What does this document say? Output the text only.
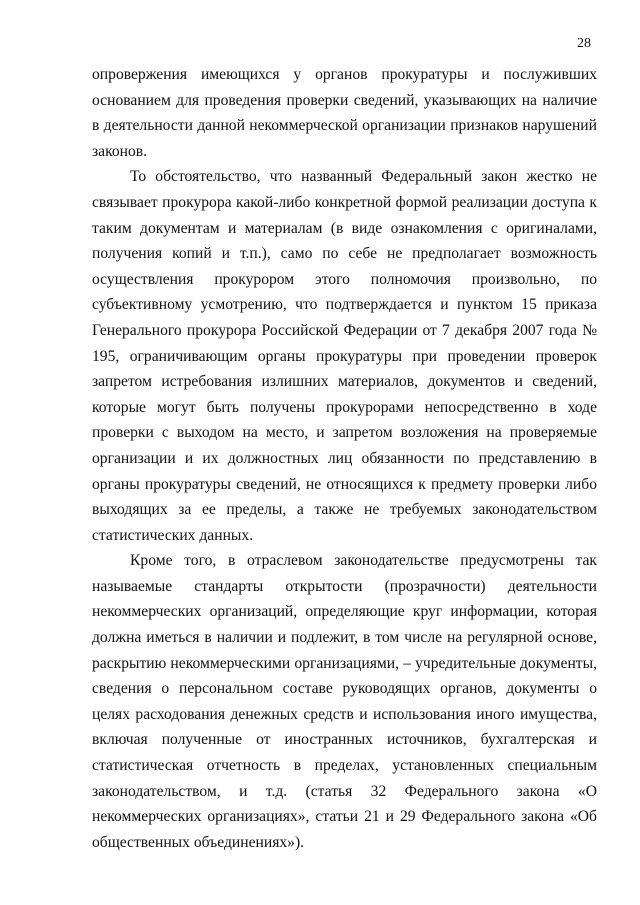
28

опровержения имеющихся у органов прокуратуры и послуживших основанием для проведения проверки сведений, указывающих на наличие в деятельности данной некоммерческой организации признаков нарушений законов.

То обстоятельство, что названный Федеральный закон жестко не связывает прокурора какой-либо конкретной формой реализации доступа к таким документам и материалам (в виде ознакомления с оригиналами, получения копий и т.п.), само по себе не предполагает возможность осуществления прокурором этого полномочия произвольно, по субъективному усмотрению, что подтверждается и пунктом 15 приказа Генерального прокурора Российской Федерации от 7 декабря 2007 года № 195, ограничивающим органы прокуратуры при проведении проверок запретом истребования излишних материалов, документов и сведений, которые могут быть получены прокурорами непосредственно в ходе проверки с выходом на место, и запретом возложения на проверяемые организации и их должностных лиц обязанности по представлению в органы прокуратуры сведений, не относящихся к предмету проверки либо выходящих за ее пределы, а также не требуемых законодательством статистических данных.

Кроме того, в отраслевом законодательстве предусмотрены так называемые стандарты открытости (прозрачности) деятельности некоммерческих организаций, определяющие круг информации, которая должна иметься в наличии и подлежит, в том числе на регулярной основе, раскрытию некоммерческими организациями, – учредительные документы, сведения о персональном составе руководящих органов, документы о целях расходования денежных средств и использования иного имущества, включая полученные от иностранных источников, бухгалтерская и статистическая отчетность в пределах, установленных специальным законодательством, и т.д. (статья 32 Федерального закона «О некоммерческих организациях», статьи 21 и 29 Федерального закона «Об общественных объединениях»).
